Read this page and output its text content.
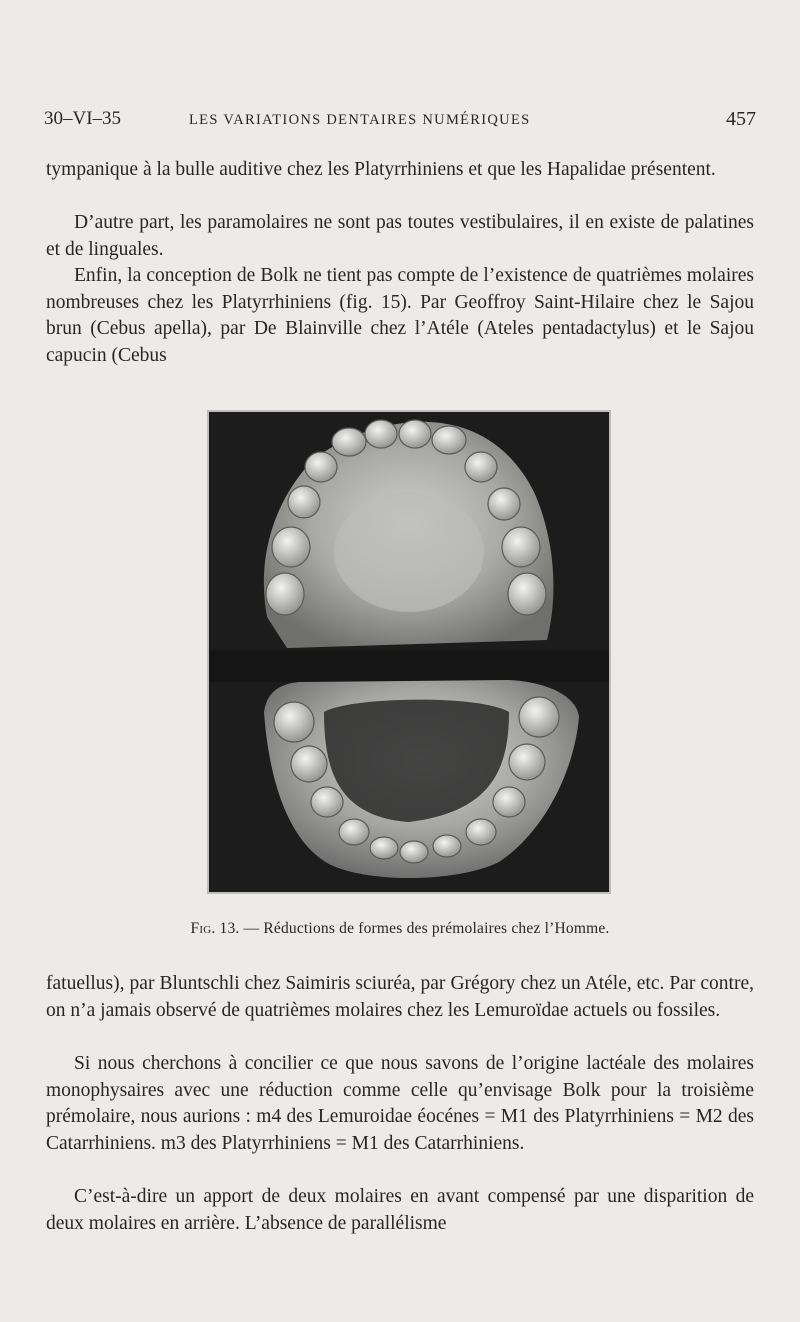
30–VI–35	LES VARIATIONS DENTAIRES NUMÉRIQUES	457

tympanique à la bulle auditive chez les Platyrrhiniens et que les Hapalidae présentent.

D’autre part, les paramolaires ne sont pas toutes vestibulaires, il en existe de palatines et de linguales.

Enfin, la conception de Bolk ne tient pas compte de l’existence de quatrièmes molaires nombreuses chez les Platyrrhiniens (fig. 15). Par Geoffroy Saint-Hilaire chez le Sajou brun (Cebus apella), par De Blainville chez l’Atéle (Ateles pentadactylus) et le Sajou capucin (Cebus

Fig. 13. — Réductions de formes des prémolaires chez l’Homme.

fatuellus), par Bluntschli chez Saimiris sciuréa, par Grégory chez un Atéle, etc. Par contre, on n’a jamais observé de quatrièmes molaires chez les Lemuroïdae actuels ou fossiles.

Si nous cherchons à concilier ce que nous savons de l’origine lactéale des molaires monophysaires avec une réduction comme celle qu’envisage Bolk pour la troisième prémolaire, nous aurions : m4 des Lemuroidae éocénes = M1 des Platyrrhiniens = M2 des Catarrhiniens. m3 des Platyrrhiniens = M1 des Catarrhiniens.

C’est-à-dire un apport de deux molaires en avant compensé par une disparition de deux molaires en arrière. L’absence de parallélisme
